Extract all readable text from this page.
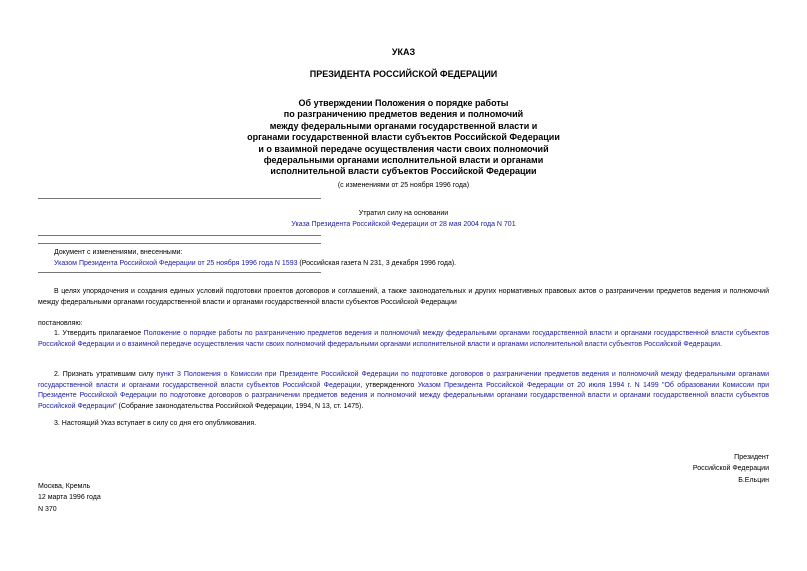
УКАЗ
ПРЕЗИДЕНТА РОССИЙСКОЙ ФЕДЕРАЦИИ
Об утверждении Положения о порядке работы
по разграничению предметов ведения и полномочий
между федеральными органами государственной власти и
органами государственной власти субъектов Российской Федерации
и о взаимной передаче осуществления части своих полномочий
федеральными органами исполнительной власти и органами
исполнительной власти субъектов Российской Федерации
(с изменениями от 25 ноября 1996 года)
Утратил силу на основании
Указа Президента Российской Федерации от 28 мая 2004 года N 701
Документ с изменениями, внесенными:
Указом Президента Российской Федерации от 25 ноября 1996 года N 1593 (Российская газета N 231, 3 декабря 1996 года).

В целях упорядочения и создания единых условий подготовки проектов договоров и соглашений, а также законодательных и других нормативных правовых актов о разграничении предметов ведения и полномочий между федеральными органами государственной власти и органами государственной власти субъектов Российской Федерации

постановляю:

1. Утвердить прилагаемое Положение о порядке работы по разграничению предметов ведения и полномочий между федеральными органами государственной власти и органами государственной власти субъектов Российской Федерации и о взаимной передаче осуществления части своих полномочий федеральными органами исполнительной власти и органами исполнительной власти субъектов Российской Федерации.

2. Признать утратившим силу пункт 3 Положения о Комиссии при Президенте Российской Федерации по подготовке договоров о разграничении предметов ведения и полномочий между федеральными органами государственной власти и органами государственной власти субъектов Российской Федерации, утвержденного Указом Президента Российской Федерации от 20 июля 1994 г. N 1499 "Об образовании Комиссии при Президенте Российской Федерации по подготовке договоров о разграничении предметов ведения и полномочий между федеральными органами государственной власти и органами государственной власти субъектов Российской Федерации" (Собрание законодательства Российской Федерации, 1994, N 13, ст. 1475).

3. Настоящий Указ вступает в силу со дня его опубликования.

Президент
Российской Федерации
Б.Ельцин
Москва, Кремль
12 марта 1996 года
N 370
